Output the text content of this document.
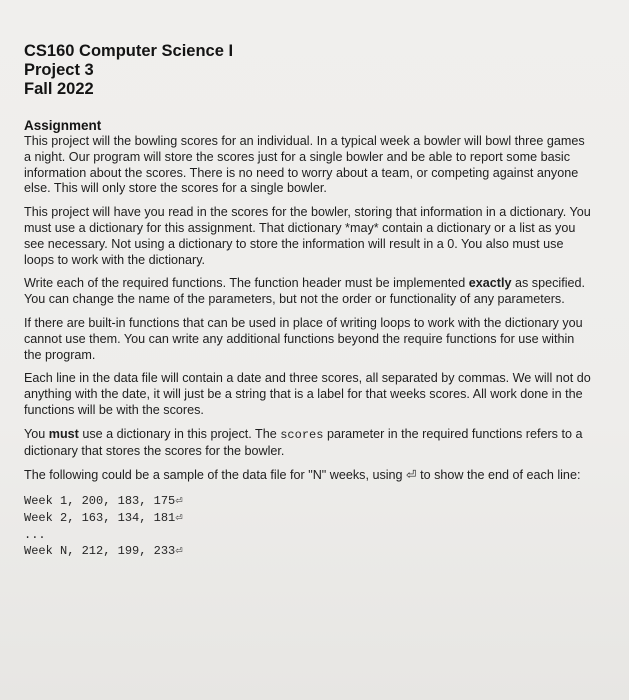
CS160 Computer Science I
Project 3
Fall 2022
Assignment

This project will the bowling scores for an individual. In a typical week a bowler will bowl three games a night. Our program will store the scores just for a single bowler and be able to report some basic information about the scores. There is no need to worry about a team, or competing against anyone else. This will only store the scores for a single bowler.

This project will have you read in the scores for the bowler, storing that information in a dictionary. You must use a dictionary for this assignment. That dictionary *may* contain a dictionary or a list as you see necessary. Not using a dictionary to store the information will result in a 0. You also must use loops to work with the dictionary.

Write each of the required functions. The function header must be implemented exactly as specified. You can change the name of the parameters, but not the order or functionality of any parameters.

If there are built-in functions that can be used in place of writing loops to work with the dictionary you cannot use them. You can write any additional functions beyond the require functions for use within the program.

Each line in the data file will contain a date and three scores, all separated by commas. We will not do anything with the date, it will just be a string that is a label for that weeks scores. All work done in the functions will be with the scores.

You must use a dictionary in this project. The scores parameter in the required functions refers to a dictionary that stores the scores for the bowler.

The following could be a sample of the data file for "N" weeks, using ⏎ to show the end of each line:

Week 1, 200, 183, 175⏎
Week 2, 163, 134, 181⏎
...
Week N, 212, 199, 233⏎
